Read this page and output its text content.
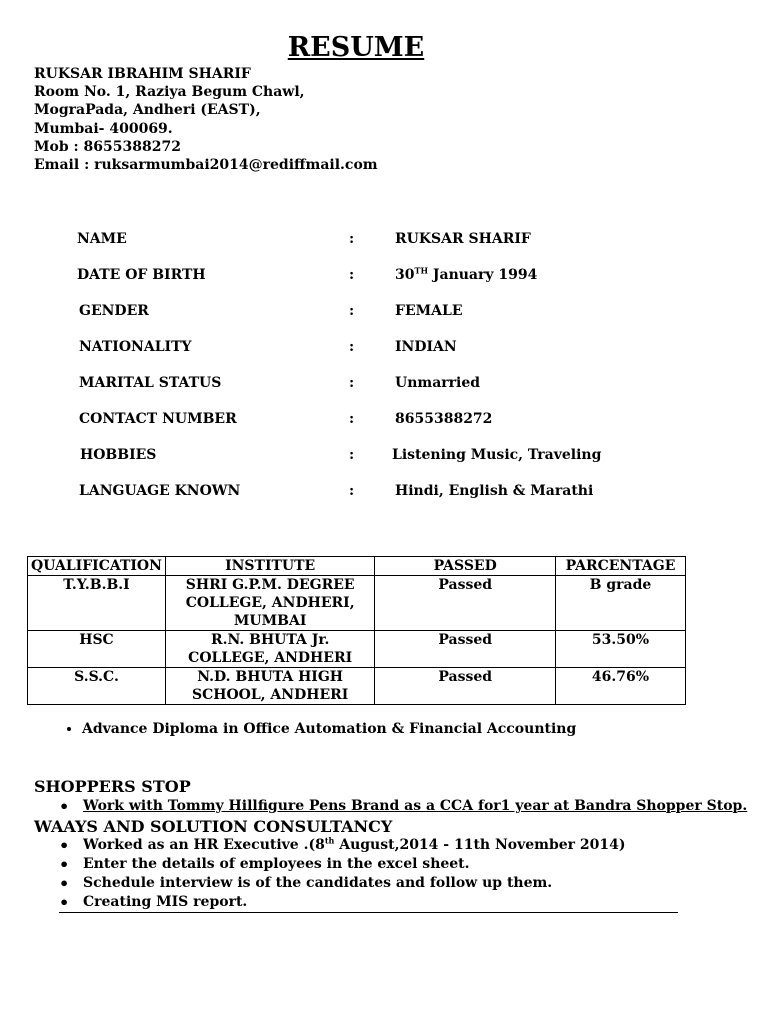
RESUME
RUKSAR IBRAHIM SHARIF
Room No. 1, Raziya Begum Chawl,
MograPada, Andheri (EAST),
Mumbai- 400069.
Mob : 8655388272
Email : ruksarmumbai2014@rediffmail.com
NAME	:	RUKSAR SHARIF
DATE OF BIRTH	:	30TH January 1994
GENDER	:	FEMALE
NATIONALITY	:	INDIAN
MARITAL STATUS	:	Unmarried
CONTACT NUMBER	:	8655388272
HOBBIES	:	Listening Music, Traveling
LANGUAGE KNOWN	:	Hindi, English & Marathi
QUALIFICATION	INSTITUTE	PASSED	PARCENTAGE
T.Y.B.B.I	SHRI G.P.M. DEGREE COLLEGE, ANDHERI, MUMBAI	Passed	B grade
HSC	R.N. BHUTA Jr. COLLEGE, ANDHERI	Passed	53.50%
S.S.C.	N.D. BHUTA HIGH SCHOOL, ANDHERI	Passed	46.76%
• Advance Diploma in Office Automation & Financial Accounting
SHOPPERS STOP
• Work with Tommy Hillfigure Pens Brand as a CCA for1 year at Bandra Shopper Stop.
WAAYS AND SOLUTION CONSULTANCY
• Worked as an HR Executive .(8th August,2014 - 11th November 2014)
• Enter the details of employees in the excel sheet.
• Schedule interview is of the candidates and follow up them.
• Creating MIS report.
